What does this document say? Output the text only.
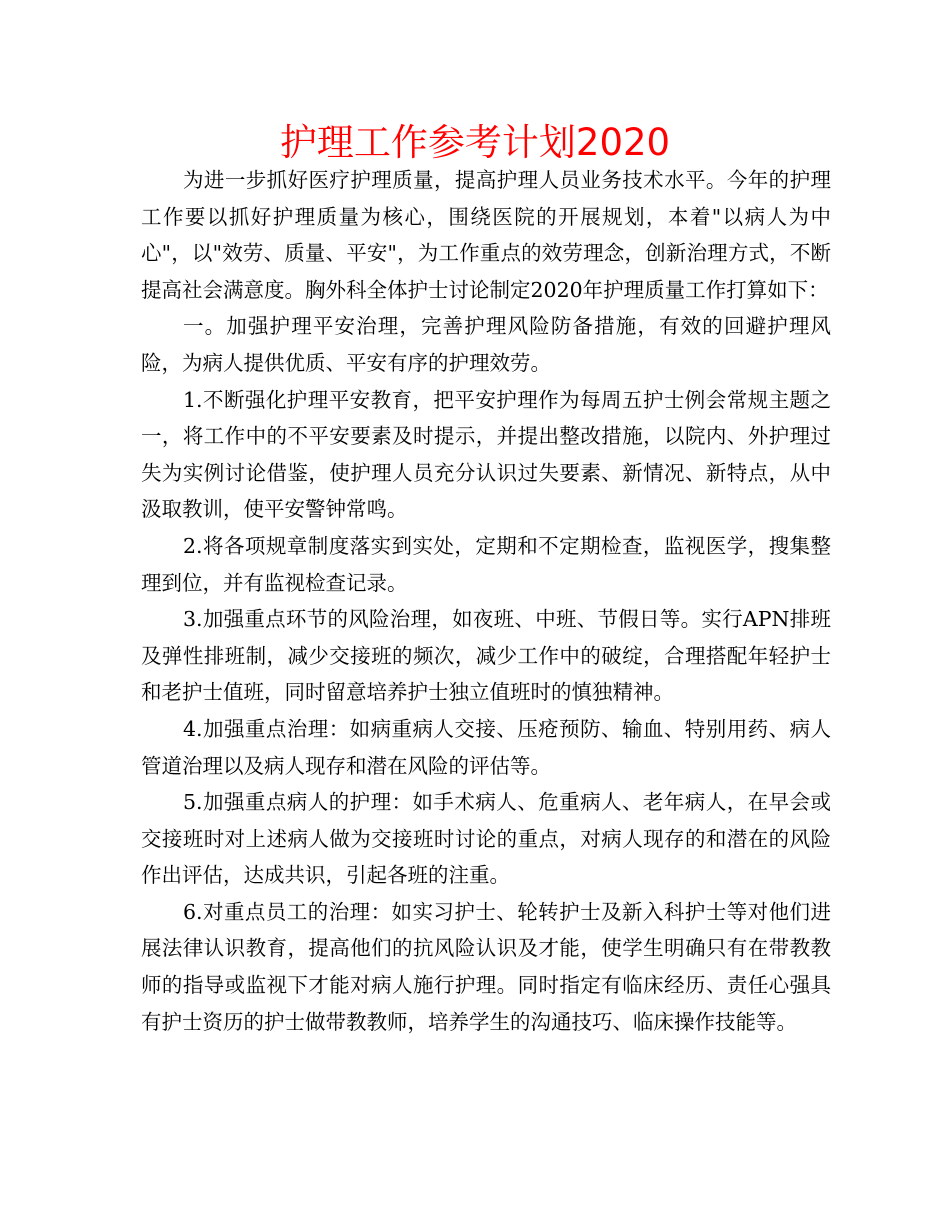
护理工作参考计划2020

为进一步抓好医疗护理质量，提高护理人员业务技术水平。今年的护理工作要以抓好护理质量为核心，围绕医院的开展规划，本着"以病人为中心"，以"效劳、质量、平安"，为工作重点的效劳理念，创新治理方式，不断提高社会满意度。胸外科全体护士讨论制定2020年护理质量工作打算如下：

一。加强护理平安治理，完善护理风险防备措施，有效的回避护理风险，为病人提供优质、平安有序的护理效劳。

1.不断强化护理平安教育，把平安护理作为每周五护士例会常规主题之一，将工作中的不平安要素及时提示，并提出整改措施，以院内、外护理过失为实例讨论借鉴，使护理人员充分认识过失要素、新情况、新特点，从中汲取教训，使平安警钟常鸣。

2.将各项规章制度落实到实处，定期和不定期检查，监视医学，搜集整理到位，并有监视检查记录。

3.加强重点环节的风险治理，如夜班、中班、节假日等。实行APN排班及弹性排班制，减少交接班的频次，减少工作中的破绽，合理搭配年轻护士和老护士值班，同时留意培养护士独立值班时的慎独精神。

4.加强重点治理：如病重病人交接、压疮预防、输血、特别用药、病人管道治理以及病人现存和潜在风险的评估等。

5.加强重点病人的护理：如手术病人、危重病人、老年病人，在早会或交接班时对上述病人做为交接班时讨论的重点，对病人现存的和潜在的风险作出评估，达成共识，引起各班的注重。

6.对重点员工的治理：如实习护士、轮转护士及新入科护士等对他们进展法律认识教育，提高他们的抗风险认识及才能，使学生明确只有在带教教师的指导或监视下才能对病人施行护理。同时指定有临床经历、责任心强具有护士资历的护士做带教教师，培养学生的沟通技巧、临床操作技能等。
